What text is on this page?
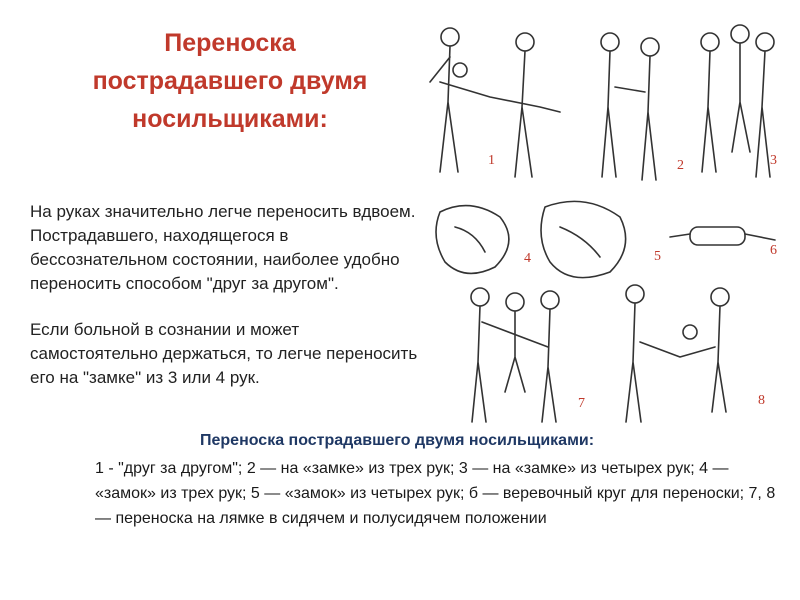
Переноска
пострадавшего двумя
носильщиками:

На руках значительно легче переносить вдвоем. Пострадавшего, находящегося в бессознательном состоянии, наиболее удобно переносить способом "друг за другом".

Если больной в сознании и может самостоятельно держаться, то легче переносить его на "замке" из 3 или 4 рук.

1	2	3
4	5	6
7	8
Переноска пострадавшего двумя носильщиками:
1 - "друг за другом"; 2 — на «замке» из трех рук; 3 — на «замке» из четырех рук; 4 — «замок» из трех рук; 5 — «замок» из четырех рук; б — веревочный круг для переноски; 7, 8 — переноска на лямке в сидячем и полусидячем положении
